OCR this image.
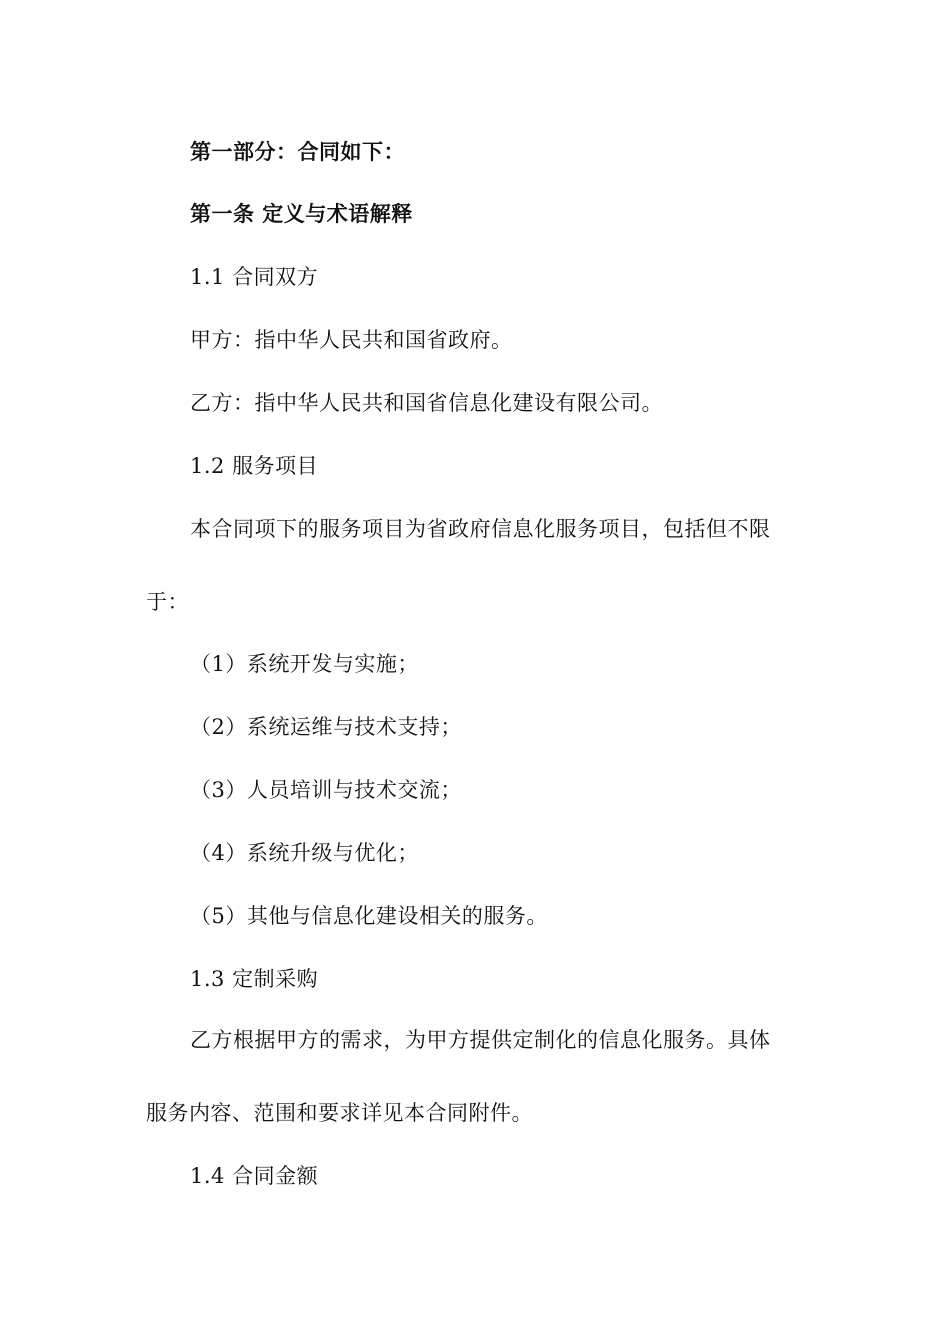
第一部分：合同如下：
第一条 定义与术语解释
1.1 合同双方
甲方：指中华人民共和国省政府。
乙方：指中华人民共和国省信息化建设有限公司。
1.2 服务项目
本合同项下的服务项目为省政府信息化服务项目，包括但不限
于：
（1）系统开发与实施；
（2）系统运维与技术支持；
（3）人员培训与技术交流；
（4）系统升级与优化；
（5）其他与信息化建设相关的服务。
1.3 定制采购
乙方根据甲方的需求，为甲方提供定制化的信息化服务。具体
服务内容、范围和要求详见本合同附件。
1.4 合同金额
